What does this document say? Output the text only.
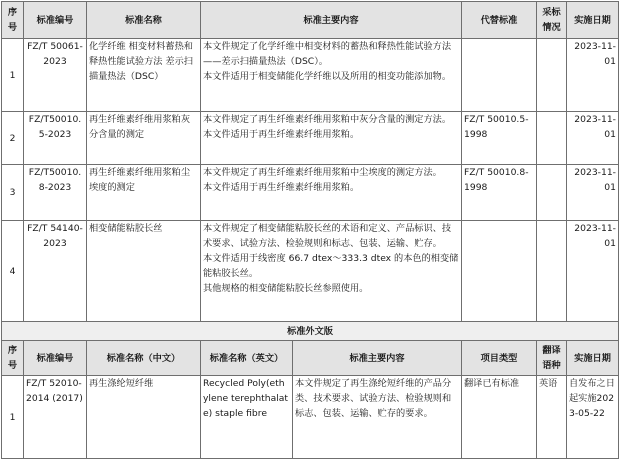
序号	标准编号	标准名称	标准主要内容	代替标准	采标情况	实施日期
1	FZ/T 50061-2023	化学纤维 相变材料蓄热和释热性能试验方法 差示扫描量热法（DSC）	本文件规定了化学纤维中相变材料的蓄热和释热性能试验方法——差示扫描量热法（DSC）。
本文件适用于相变储能化学纤维以及所用的相变功能添加物。			2023-11-01
2	FZ/T50010.5-2023	再生纤维素纤维用浆粕灰分含量的测定	本文件规定了再生纤维素纤维用浆粕中灰分含量的测定方法。
本文件适用于再生纤维素纤维用浆粕。	FZ/T 50010.5-1998		2023-11-01
3	FZ/T50010.8-2023	再生纤维素纤维用浆粕尘埃度的测定	本文件规定了再生纤维素纤维用浆粕中尘埃度的测定方法。
本文件适用于再生纤维素纤维用浆粕。	FZ/T 50010.8-1998		2023-11-01
4	FZ/T 54140-2023	相变储能粘胶长丝	本文件规定了相变储能粘胶长丝的术语和定义、产品标识、技术要求、试验方法、检验规则和标志、包装、运输、贮存。
本文件适用于线密度 66.7 dtex～333.3 dtex 的本色的相变储能粘胶长丝。
其他规格的相变储能粘胶长丝参照使用。			2023-11-01
标准外文版							
序号	标准编号	标准名称（中文）	标准名称（英文）	标准主要内容	项目类型	翻译语种	实施日期
1	FZ/T 52010-2014 (2017)	再生涤纶短纤维	Recycled Poly(ethylene terephthalate) staple fibre	本文件规定了再生涤纶短纤维的产品分类、技术要求、试验方法、检验规则和标志、包装、运输、贮存的要求。	翻译已有标准	英语	自发布之日起实施2023-05-22
